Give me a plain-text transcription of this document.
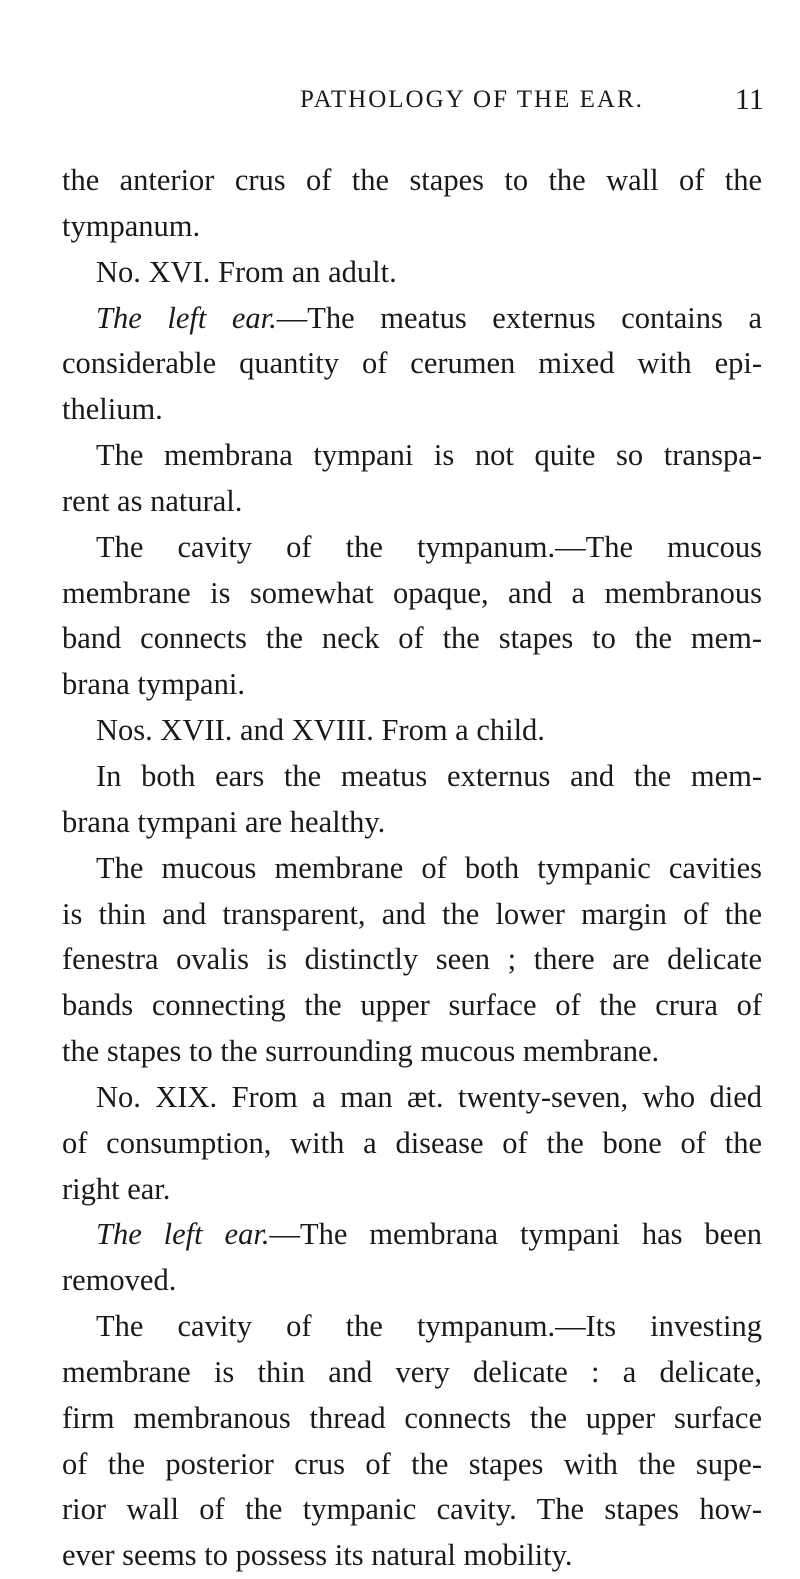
PATHOLOGY OF THE EAR.	11
the anterior crus of the stapes to the wall of the
tympanum.
No. XVI. From an adult.
The left ear.—The meatus externus contains a
considerable quantity of cerumen mixed with epi-
thelium.
The membrana tympani is not quite so transpa-
rent as natural.
The cavity of the tympanum.—The mucous
membrane is somewhat opaque, and a membranous
band connects the neck of the stapes to the mem-
brana tympani.
Nos. XVII. and XVIII. From a child.
In both ears the meatus externus and the mem-
brana tympani are healthy.
The mucous membrane of both tympanic cavities
is thin and transparent, and the lower margin of the
fenestra ovalis is distinctly seen ; there are delicate
bands connecting the upper surface of the crura of
the stapes to the surrounding mucous membrane.
No. XIX. From a man æt. twenty-seven, who died
of consumption, with a disease of the bone of the
right ear.
The left ear.—The membrana tympani has been
removed.
The cavity of the tympanum.—Its investing
membrane is thin and very delicate : a delicate,
firm membranous thread connects the upper surface
of the posterior crus of the stapes with the supe-
rior wall of the tympanic cavity. The stapes how-
ever seems to possess its natural mobility.
